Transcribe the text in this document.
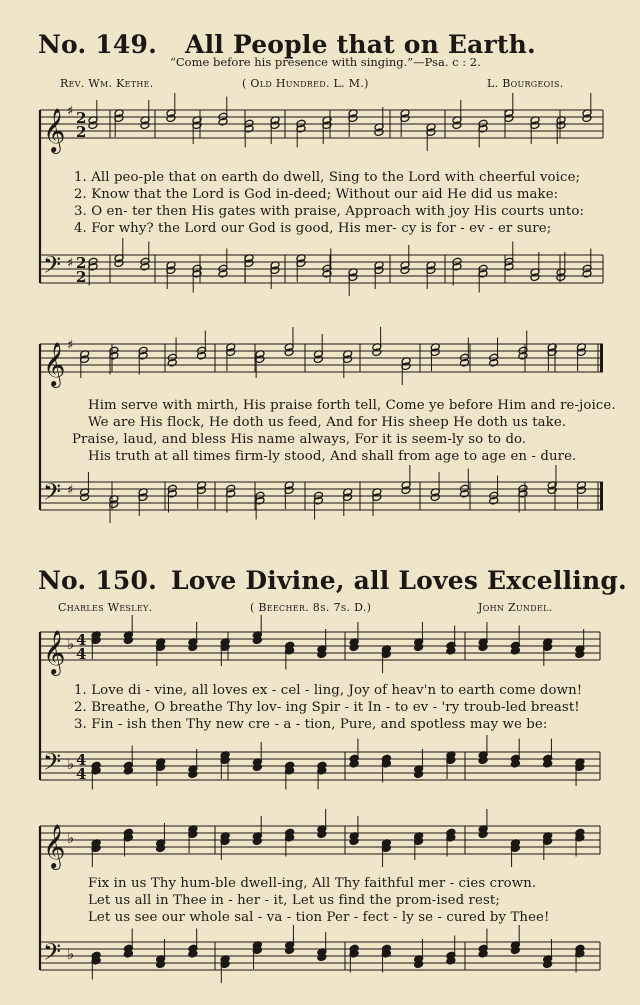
No. 149. All People that on Earth.
“Come before his presence with singing.”—Psa. c : 2.
Rev. Wm. Kethe.	( Old Hundred. L. M.)	L. Bourgeois.
𝄞 ♯ 2
2
𝄢 ♯ 2
2
𝄞 ♯
𝄢 ♯
𝄞 ♭ 4
4
𝄢 ♭ 4
4
𝄞 ♭
𝄢 ♭
1. All peo-ple that on earth do dwell, Sing to the Lord with cheerful voice;
2. Know that the Lord is God in-deed; Without our aid He did us make:
3. O en- ter then His gates with praise, Approach with joy His courts unto:
4. For why? the Lord our God is good, His mer- cy is for - ev - er sure;
Him serve with mirth, His praise forth tell, Come ye before Him and re-joice.
We are His flock, He doth us feed, And for His sheep He doth us take.
Praise, laud, and bless His name always, For it is seem-ly so to do.
His truth at all times firm-ly stood, And shall from age to age en - dure.
No. 150. Love Divine, all Loves Excelling.
Charles Wesley.	( Beecher. 8s. 7s. D.)	John Zundel.
1. Love di - vine, all loves ex - cel - ling, Joy of heav'n to earth come down!
2. Breathe, O breathe Thy lov- ing Spir - it In - to ev - 'ry troub-led breast!
3. Fin - ish then Thy new cre - a - tion, Pure, and spotless may we be:
Fix in us Thy hum-ble dwell-ing, All Thy faithful mer - cies crown.
Let us all in Thee in - her - it, Let us find the prom-ised rest;
Let us see our whole sal - va - tion Per - fect - ly se - cured by Thee!
